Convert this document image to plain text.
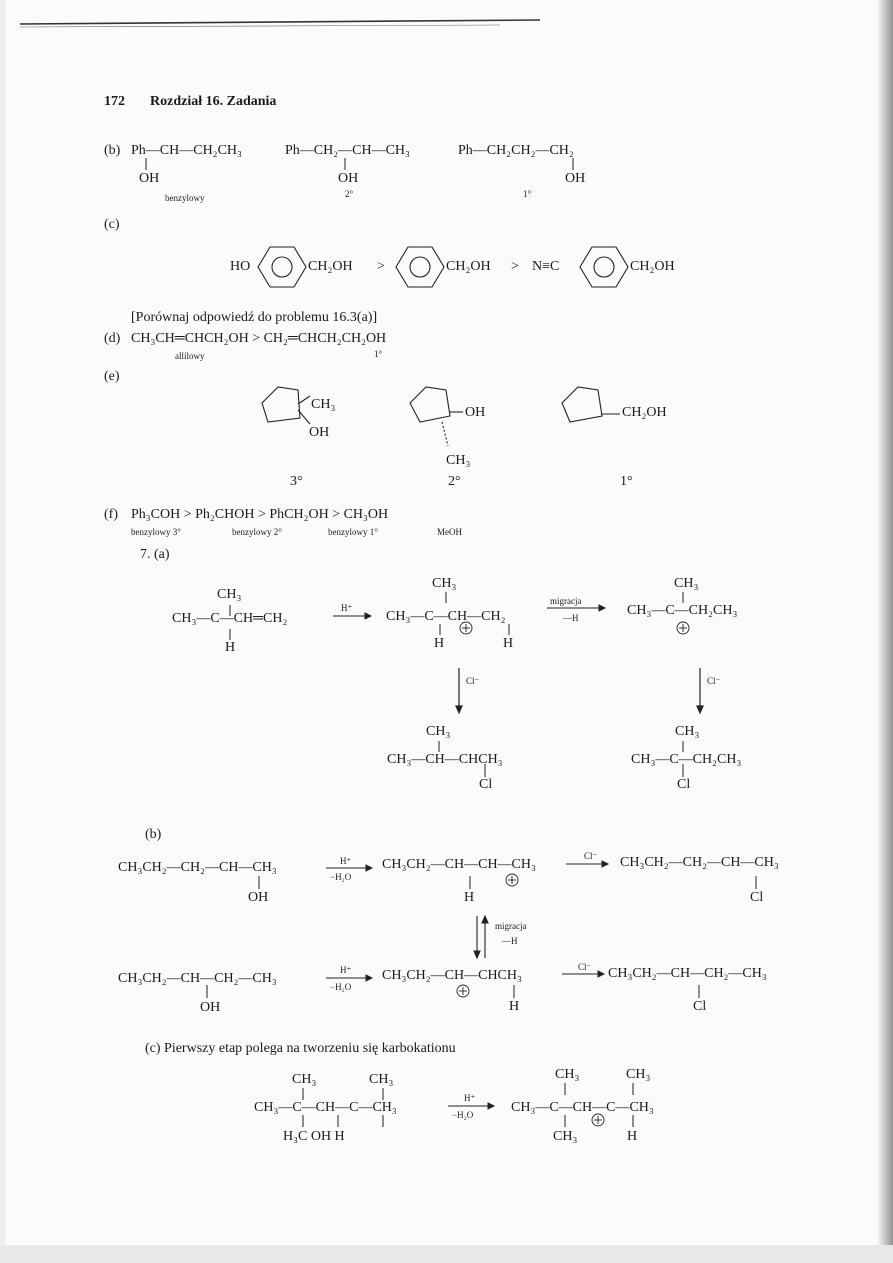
172 Rozdział 16. Zadania
(b) Ph—CH—CH₂CH₃
OH
benzylowy
Ph—CH₂—CH—CH₃
OH
2°
Ph—CH₂CH₂—CH₂
OH
1°
(c)
HO	CH₂OH >	CH₂OH > N≡C	CH₂OH
[Porównaj odpowiedź do problemu 16.3(a)]
(d) CH₃CH═CHCH₂OH > CH₂═CHCH₂CH₂OH
allilowy	1°
(e)
CH₃
OH
3°
OH
CH₃
2°
CH₂OH
1°
(f) Ph₃COH > Ph₂CHOH > PhCH₂OH > CH₃OH
benzylowy 3°	benzylowy 2°	benzylowy 1°	MeOH
7. (a)
CH₃
CH₃—C—CH═CH₂
H
H⁺
CH₃
CH₃—C—CH—CH₂
H	H
migracja
—H
CH₃
CH₃—C—CH₂CH₃
Cl⁻	Cl⁻
CH₃
CH₃—CH—CHCH₃
Cl
CH₃
CH₃—C—CH₂CH₃
Cl
(b)
CH₃CH₂—CH₂—CH—CH₃
OH
H⁺
−H₂O
CH₃CH₂—CH—CH—CH₃
H
Cl⁻ CH₃CH₂—CH₂—CH—CH₃
Cl
migracja
—H
CH₃CH₂—CH—CH₂—CH₃
OH
H⁺
−H₂O
CH₃CH₂—CH—CHCH₃
H
Cl⁻ CH₃CH₂—CH—CH₂—CH₃
Cl
(c) Pierwszy etap polega na tworzeniu się karbokationu
CH₃	CH₃
CH₃—C—CH—C—CH₃
H₃C OH H
H⁺
−H₂O
CH₃	CH₃
CH₃—C—CH—C—CH₃
CH₃	H
